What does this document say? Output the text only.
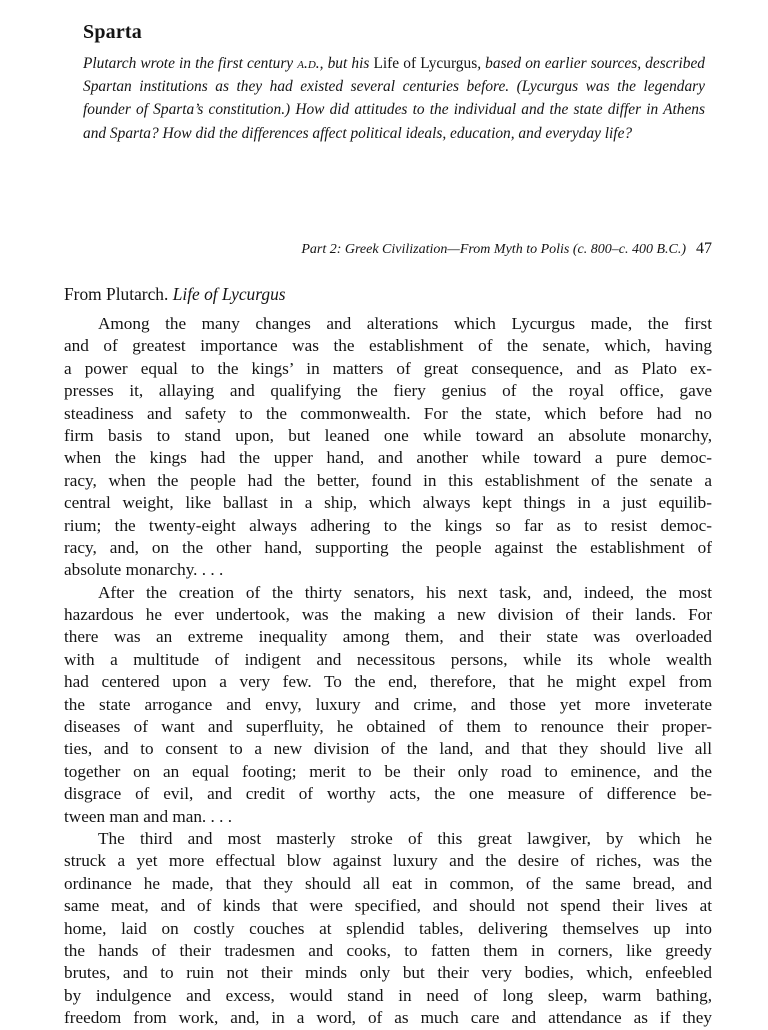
Sparta

Plutarch wrote in the first century a.d., but his Life of Lycurgus, based on earlier sources, described Spartan institutions as they had existed several centuries before. (Lycurgus was the legendary founder of Sparta’s constitution.) How did attitudes to the individual and the state differ in Athens and Sparta? How did the differences affect political ideals, education, and everyday life?

Part 2: Greek Civilization—From Myth to Polis (c. 800–c. 400 B.C.) 47

From Plutarch. Life of Lycurgus

Among the many changes and alterations which Lycurgus made, the first
and of greatest importance was the establishment of the senate, which, having
a power equal to the kings’ in matters of great consequence, and as Plato ex-
presses it, allaying and qualifying the fiery genius of the royal office, gave
steadiness and safety to the commonwealth. For the state, which before had no
firm basis to stand upon, but leaned one while toward an absolute monarchy,
when the kings had the upper hand, and another while toward a pure democ-
racy, when the people had the better, found in this establishment of the senate a
central weight, like ballast in a ship, which always kept things in a just equilib-
rium; the twenty-eight always adhering to the kings so far as to resist democ-
racy, and, on the other hand, supporting the people against the establishment of
absolute monarchy. . . .
After the creation of the thirty senators, his next task, and, indeed, the most
hazardous he ever undertook, was the making a new division of their lands. For
there was an extreme inequality among them, and their state was overloaded
with a multitude of indigent and necessitous persons, while its whole wealth
had centered upon a very few. To the end, therefore, that he might expel from
the state arrogance and envy, luxury and crime, and those yet more inveterate
diseases of want and superfluity, he obtained of them to renounce their proper-
ties, and to consent to a new division of the land, and that they should live all
together on an equal footing; merit to be their only road to eminence, and the
disgrace of evil, and credit of worthy acts, the one measure of difference be-
tween man and man. . . .
The third and most masterly stroke of this great lawgiver, by which he
struck a yet more effectual blow against luxury and the desire of riches, was the
ordinance he made, that they should all eat in common, of the same bread, and
same meat, and of kinds that were specified, and should not spend their lives at
home, laid on costly couches at splendid tables, delivering themselves up into
the hands of their tradesmen and cooks, to fatten them in corners, like greedy
brutes, and to ruin not their minds only but their very bodies, which, enfeebled
by indulgence and excess, would stand in need of long sleep, warm bathing,
freedom from work, and, in a word, of as much care and attendance as if they
